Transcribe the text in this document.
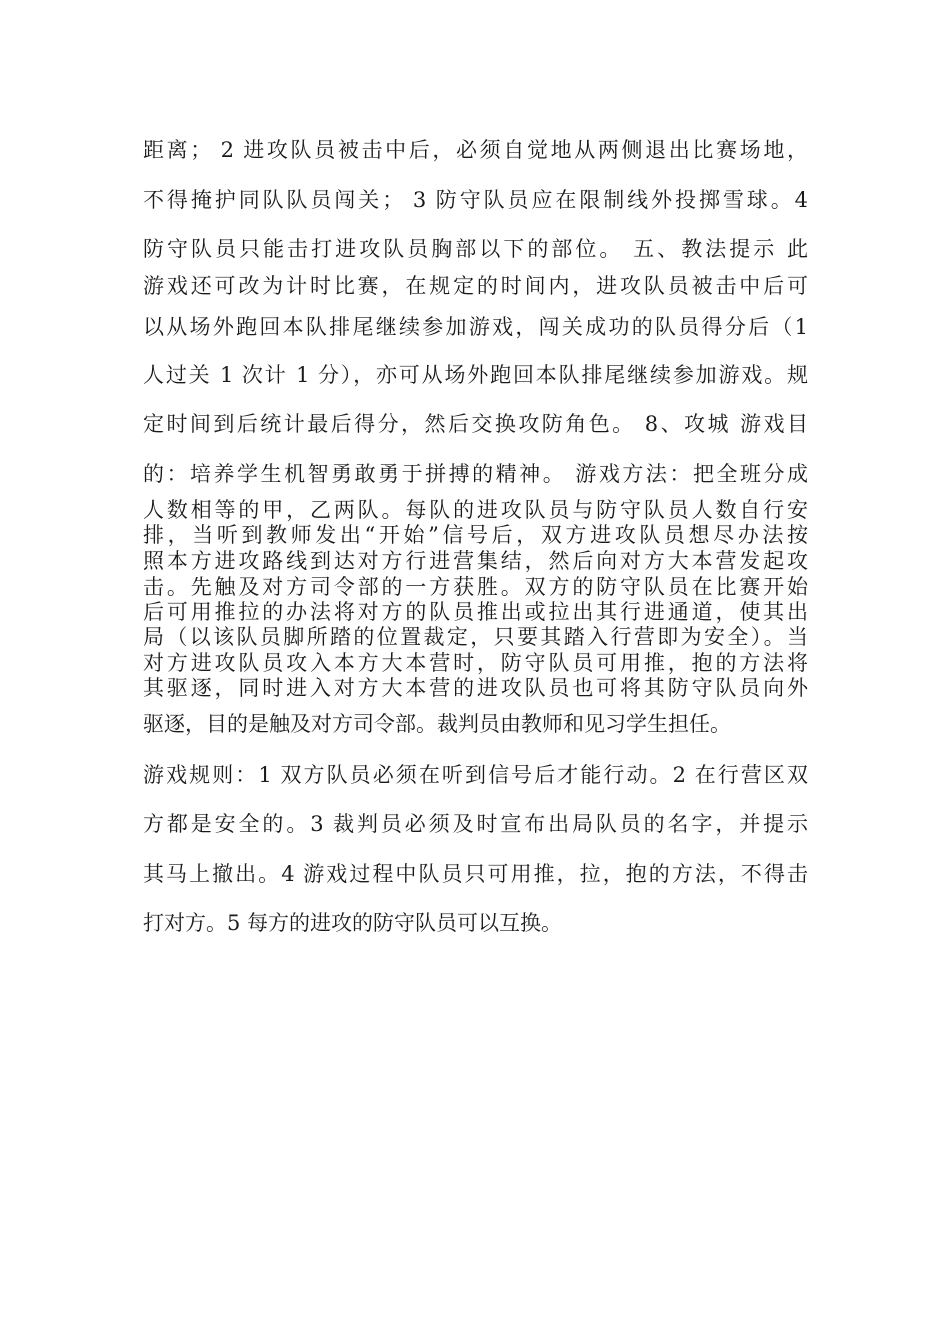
距离； 2 进攻队员被击中后，必须自觉地从两侧退出比赛场地，
不得掩护同队队员闯关； 3 防守队员应在限制线外投掷雪球。4
防守队员只能击打进攻队员胸部以下的部位。 五、教法提示 此
游戏还可改为计时比赛，在规定的时间内，进攻队员被击中后可
以从场外跑回本队排尾继续参加游戏，闯关成功的队员得分后（1
人过关 1 次计 1 分），亦可从场外跑回本队排尾继续参加游戏。规
定时间到后统计最后得分，然后交换攻防角色。 8、攻城 游戏目
的：培养学生机智勇敢勇于拼搏的精神。 游戏方法：把全班分成
人数相等的甲，乙两队。每队的进攻队员与防守队员人数自行安
排，当听到教师发出“开始”信号后，双方进攻队员想尽办法按
照本方进攻路线到达对方行进营集结，然后向对方大本营发起攻
击。先触及对方司令部的一方获胜。双方的防守队员在比赛开始
后可用推拉的办法将对方的队员推出或拉出其行进通道，使其出
局（以该队员脚所踏的位置裁定，只要其踏入行营即为安全）。当
对方进攻队员攻入本方大本营时，防守队员可用推，抱的方法将
其驱逐，同时进入对方大本营的进攻队员也可将其防守队员向外
驱逐，目的是触及对方司令部。裁判员由教师和见习学生担任。
游戏规则：1 双方队员必须在听到信号后才能行动。2 在行营区双
方都是安全的。3 裁判员必须及时宣布出局队员的名字，并提示
其马上撤出。4 游戏过程中队员只可用推，拉，抱的方法，不得击
打对方。5 每方的进攻的防守队员可以互换。
